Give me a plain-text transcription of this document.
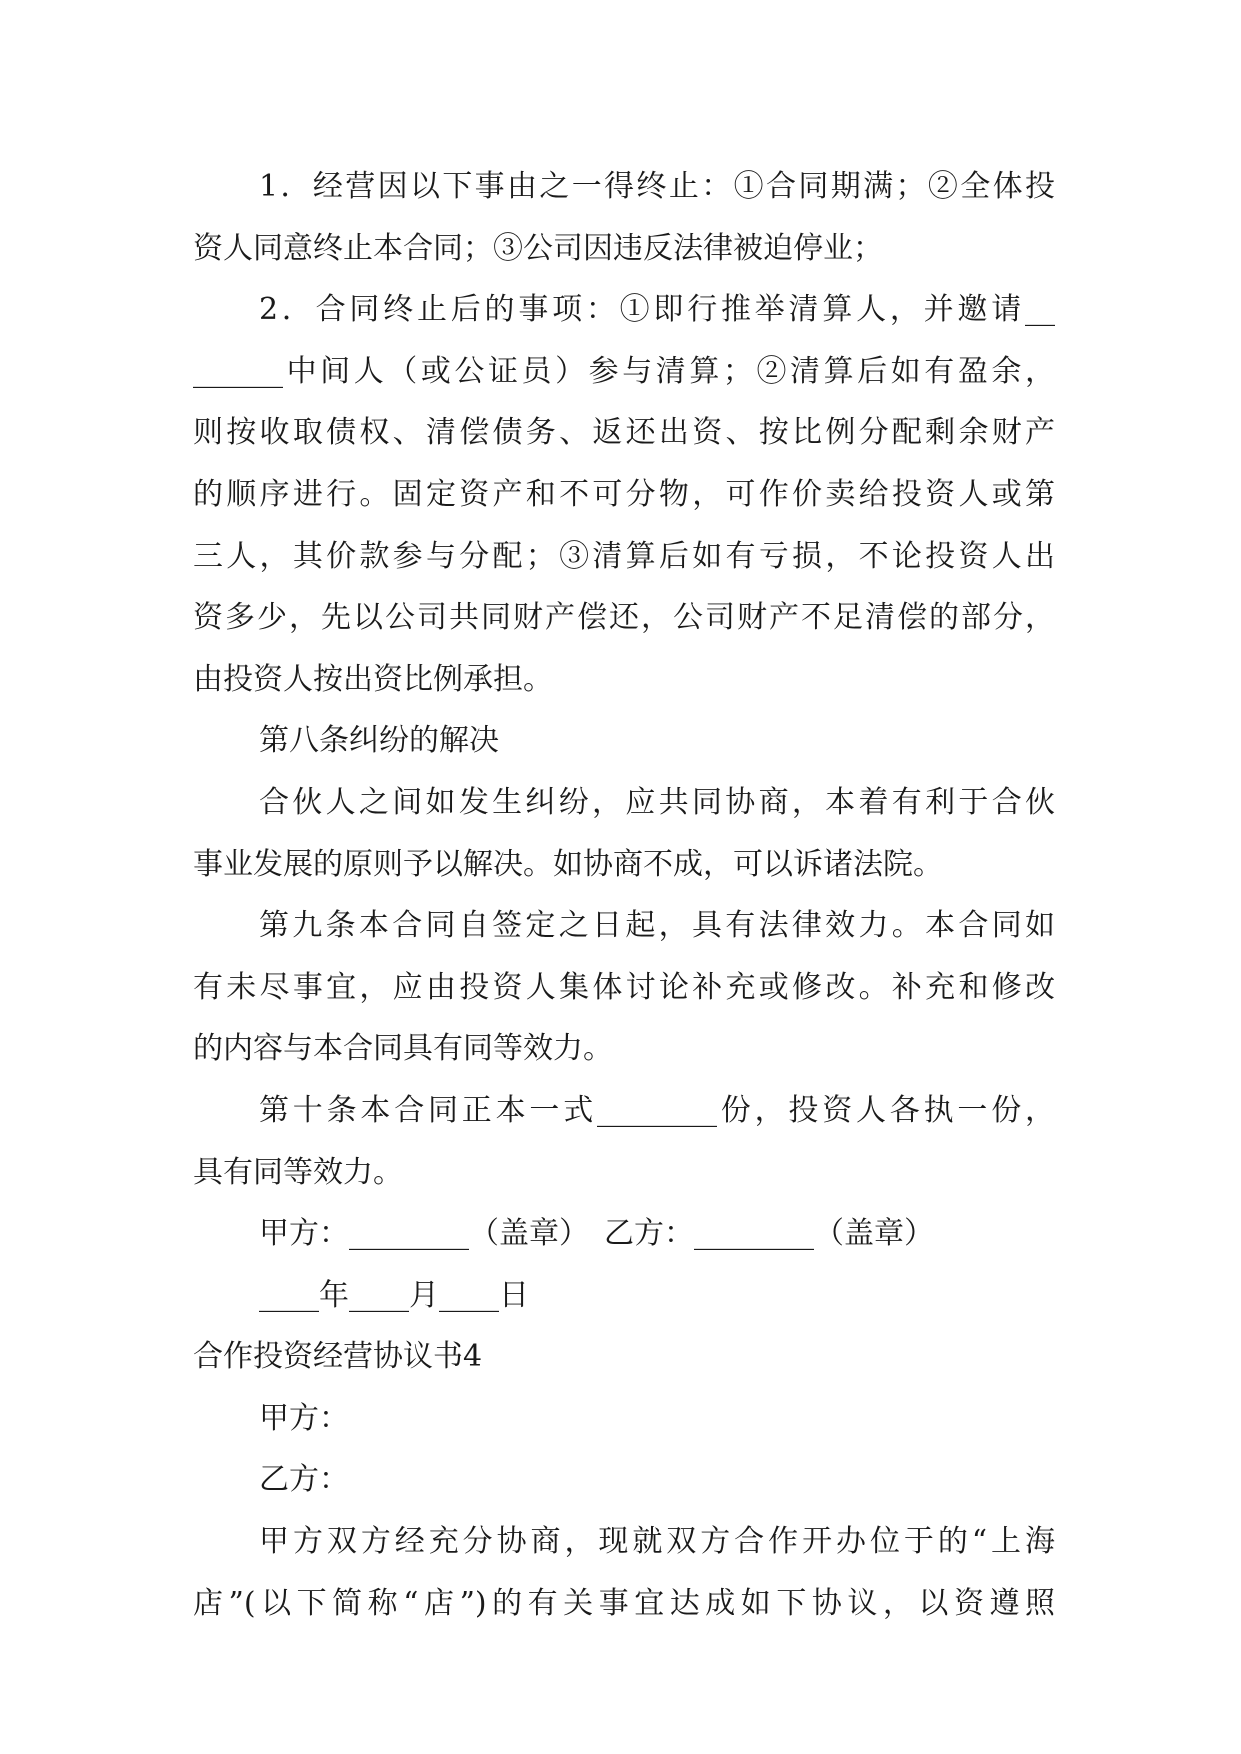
1．经营因以下事由之一得终止：①合同期满；②全体投
资人同意终止本合同；③公司因违反法律被迫停业；
2．合同终止后的事项：①即行推举清算人，并邀请__
______中间人（或公证员）参与清算；②清算后如有盈余，
则按收取债权、清偿债务、返还出资、按比例分配剩余财产
的顺序进行。固定资产和不可分物，可作价卖给投资人或第
三人，其价款参与分配；③清算后如有亏损，不论投资人出
资多少，先以公司共同财产偿还，公司财产不足清偿的部分，
由投资人按出资比例承担。
第八条纠纷的解决
合伙人之间如发生纠纷，应共同协商，本着有利于合伙
事业发展的原则予以解决。如协商不成，可以诉诸法院。
第九条本合同自签定之日起，具有法律效力。本合同如
有未尽事宜，应由投资人集体讨论补充或修改。补充和修改
的内容与本合同具有同等效力。
第十条本合同正本一式________份，投资人各执一份，
具有同等效力。
甲方：________（盖章）　乙方：________（盖章）
____年____月____日
合作投资经营协议书4
甲方：
乙方：
甲方双方经充分协商，现就双方合作开办位于的“上海
店”(以下简称“店”)的有关事宜达成如下协议，以资遵照
